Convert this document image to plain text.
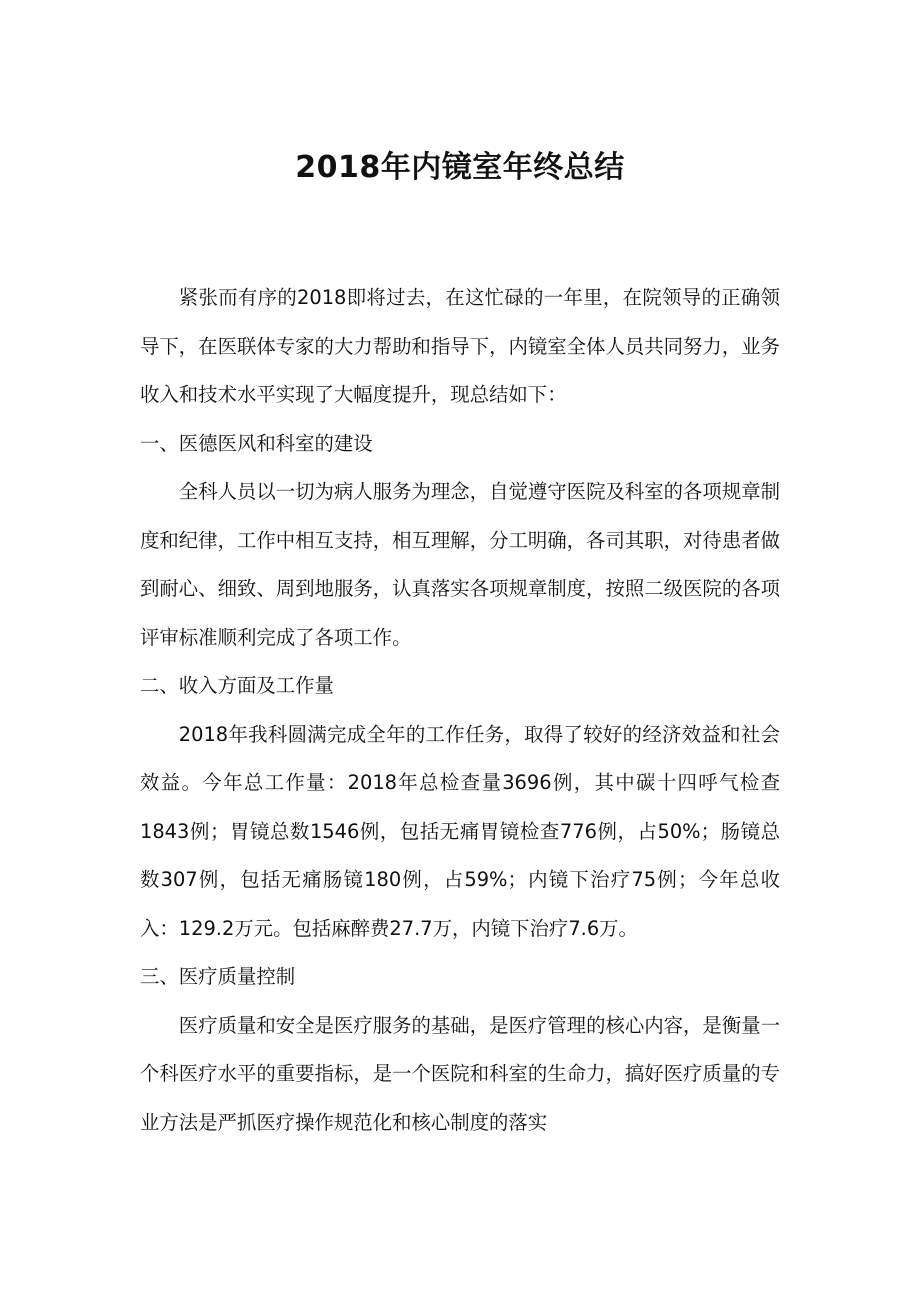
2018年内镜室年终总结

紧张而有序的2018即将过去，在这忙碌的一年里，在院领导的正确领导下，在医联体专家的大力帮助和指导下，内镜室全体人员共同努力，业务收入和技术水平实现了大幅度提升，现总结如下：

一、医德医风和科室的建设

全科人员以一切为病人服务为理念，自觉遵守医院及科室的各项规章制度和纪律，工作中相互支持，相互理解，分工明确，各司其职，对待患者做到耐心、细致、周到地服务，认真落实各项规章制度，按照二级医院的各项评审标准顺利完成了各项工作。

二、收入方面及工作量

2018年我科圆满完成全年的工作任务，取得了较好的经济效益和社会效益。今年总工作量：2018年总检查量3696例，其中碳十四呼气检查1843例；胃镜总数1546例，包括无痛胃镜检查776例，占50%；肠镜总数307例，包括无痛肠镜180例，占59%；内镜下治疗75例；今年总收入：129.2万元。包括麻醉费27.7万，内镜下治疗7.6万。

三、医疗质量控制

医疗质量和安全是医疗服务的基础，是医疗管理的核心内容，是衡量一个科医疗水平的重要指标，是一个医院和科室的生命力，搞好医疗质量的专业方法是严抓医疗操作规范化和核心制度的落实
